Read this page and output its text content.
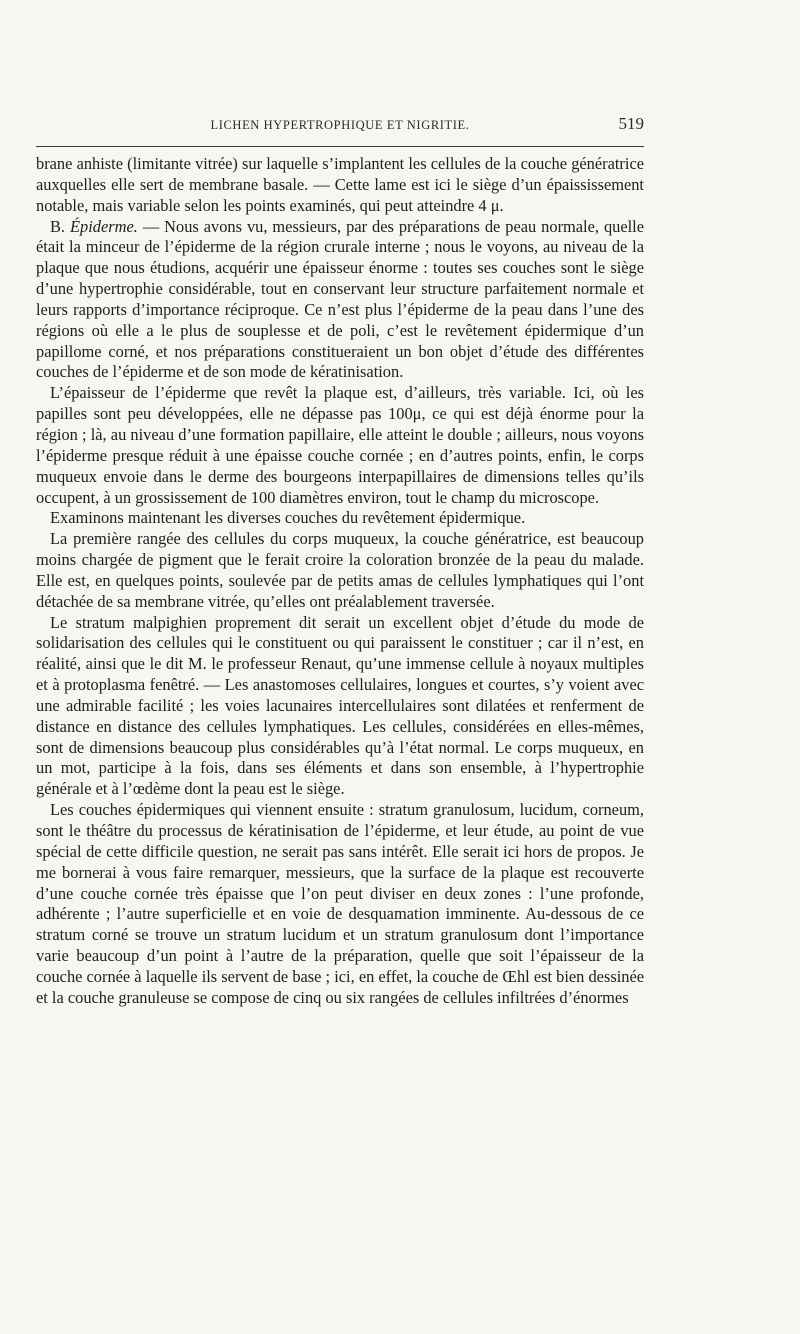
LICHEN HYPERTROPHIQUE ET NIGRITIE.	519

brane anhiste (limitante vitrée) sur laquelle s’implantent les cellules de la couche génératrice auxquelles elle sert de membrane basale. — Cette lame est ici le siège d’un épaississement notable, mais variable selon les points examinés, qui peut atteindre 4 μ.

B. Épiderme. — Nous avons vu, messieurs, par des préparations de peau normale, quelle était la minceur de l’épiderme de la région crurale interne ; nous le voyons, au niveau de la plaque que nous étudions, acquérir une épaisseur énorme : toutes ses couches sont le siège d’une hypertrophie considérable, tout en conservant leur structure parfaitement normale et leurs rapports d’importance réciproque. Ce n’est plus l’épiderme de la peau dans l’une des régions où elle a le plus de souplesse et de poli, c’est le revêtement épidermique d’un papillome corné, et nos préparations constitueraient un bon objet d’étude des différentes couches de l’épiderme et de son mode de kératinisation.

L’épaisseur de l’épiderme que revêt la plaque est, d’ailleurs, très variable. Ici, où les papilles sont peu développées, elle ne dépasse pas 100μ, ce qui est déjà énorme pour la région ; là, au niveau d’une formation papillaire, elle atteint le double ; ailleurs, nous voyons l’épiderme presque réduit à une épaisse couche cornée ; en d’autres points, enfin, le corps muqueux envoie dans le derme des bourgeons interpapillaires de dimensions telles qu’ils occupent, à un grossissement de 100 diamètres environ, tout le champ du microscope.

Examinons maintenant les diverses couches du revêtement épidermique.

La première rangée des cellules du corps muqueux, la couche génératrice, est beaucoup moins chargée de pigment que le ferait croire la coloration bronzée de la peau du malade. Elle est, en quelques points, soulevée par de petits amas de cellules lymphatiques qui l’ont détachée de sa membrane vitrée, qu’elles ont préalablement traversée.

Le stratum malpighien proprement dit serait un excellent objet d’étude du mode de solidarisation des cellules qui le constituent ou qui paraissent le constituer ; car il n’est, en réalité, ainsi que le dit M. le professeur Renaut, qu’une immense cellule à noyaux multiples et à protoplasma fenêtré. — Les anastomoses cellulaires, longues et courtes, s’y voient avec une admirable facilité ; les voies lacunaires intercellulaires sont dilatées et renferment de distance en distance des cellules lymphatiques. Les cellules, considérées en elles-mêmes, sont de dimensions beaucoup plus considérables qu’à l’état normal. Le corps muqueux, en un mot, participe à la fois, dans ses éléments et dans son ensemble, à l’hypertrophie générale et à l’œdème dont la peau est le siège.

Les couches épidermiques qui viennent ensuite : stratum granulosum, lucidum, corneum, sont le théâtre du processus de kératinisation de l’épiderme, et leur étude, au point de vue spécial de cette difficile question, ne serait pas sans intérêt. Elle serait ici hors de propos. Je me bornerai à vous faire remarquer, messieurs, que la surface de la plaque est recouverte d’une couche cornée très épaisse que l’on peut diviser en deux zones : l’une profonde, adhérente ; l’autre superficielle et en voie de desquamation imminente. Au-dessous de ce stratum corné se trouve un stratum lucidum et un stratum granulosum dont l’importance varie beaucoup d’un point à l’autre de la préparation, quelle que soit l’épaisseur de la couche cornée à laquelle ils servent de base ; ici, en effet, la couche de Œhl est bien dessinée et la couche granuleuse se compose de cinq ou six rangées de cellules infiltrées d’énormes
